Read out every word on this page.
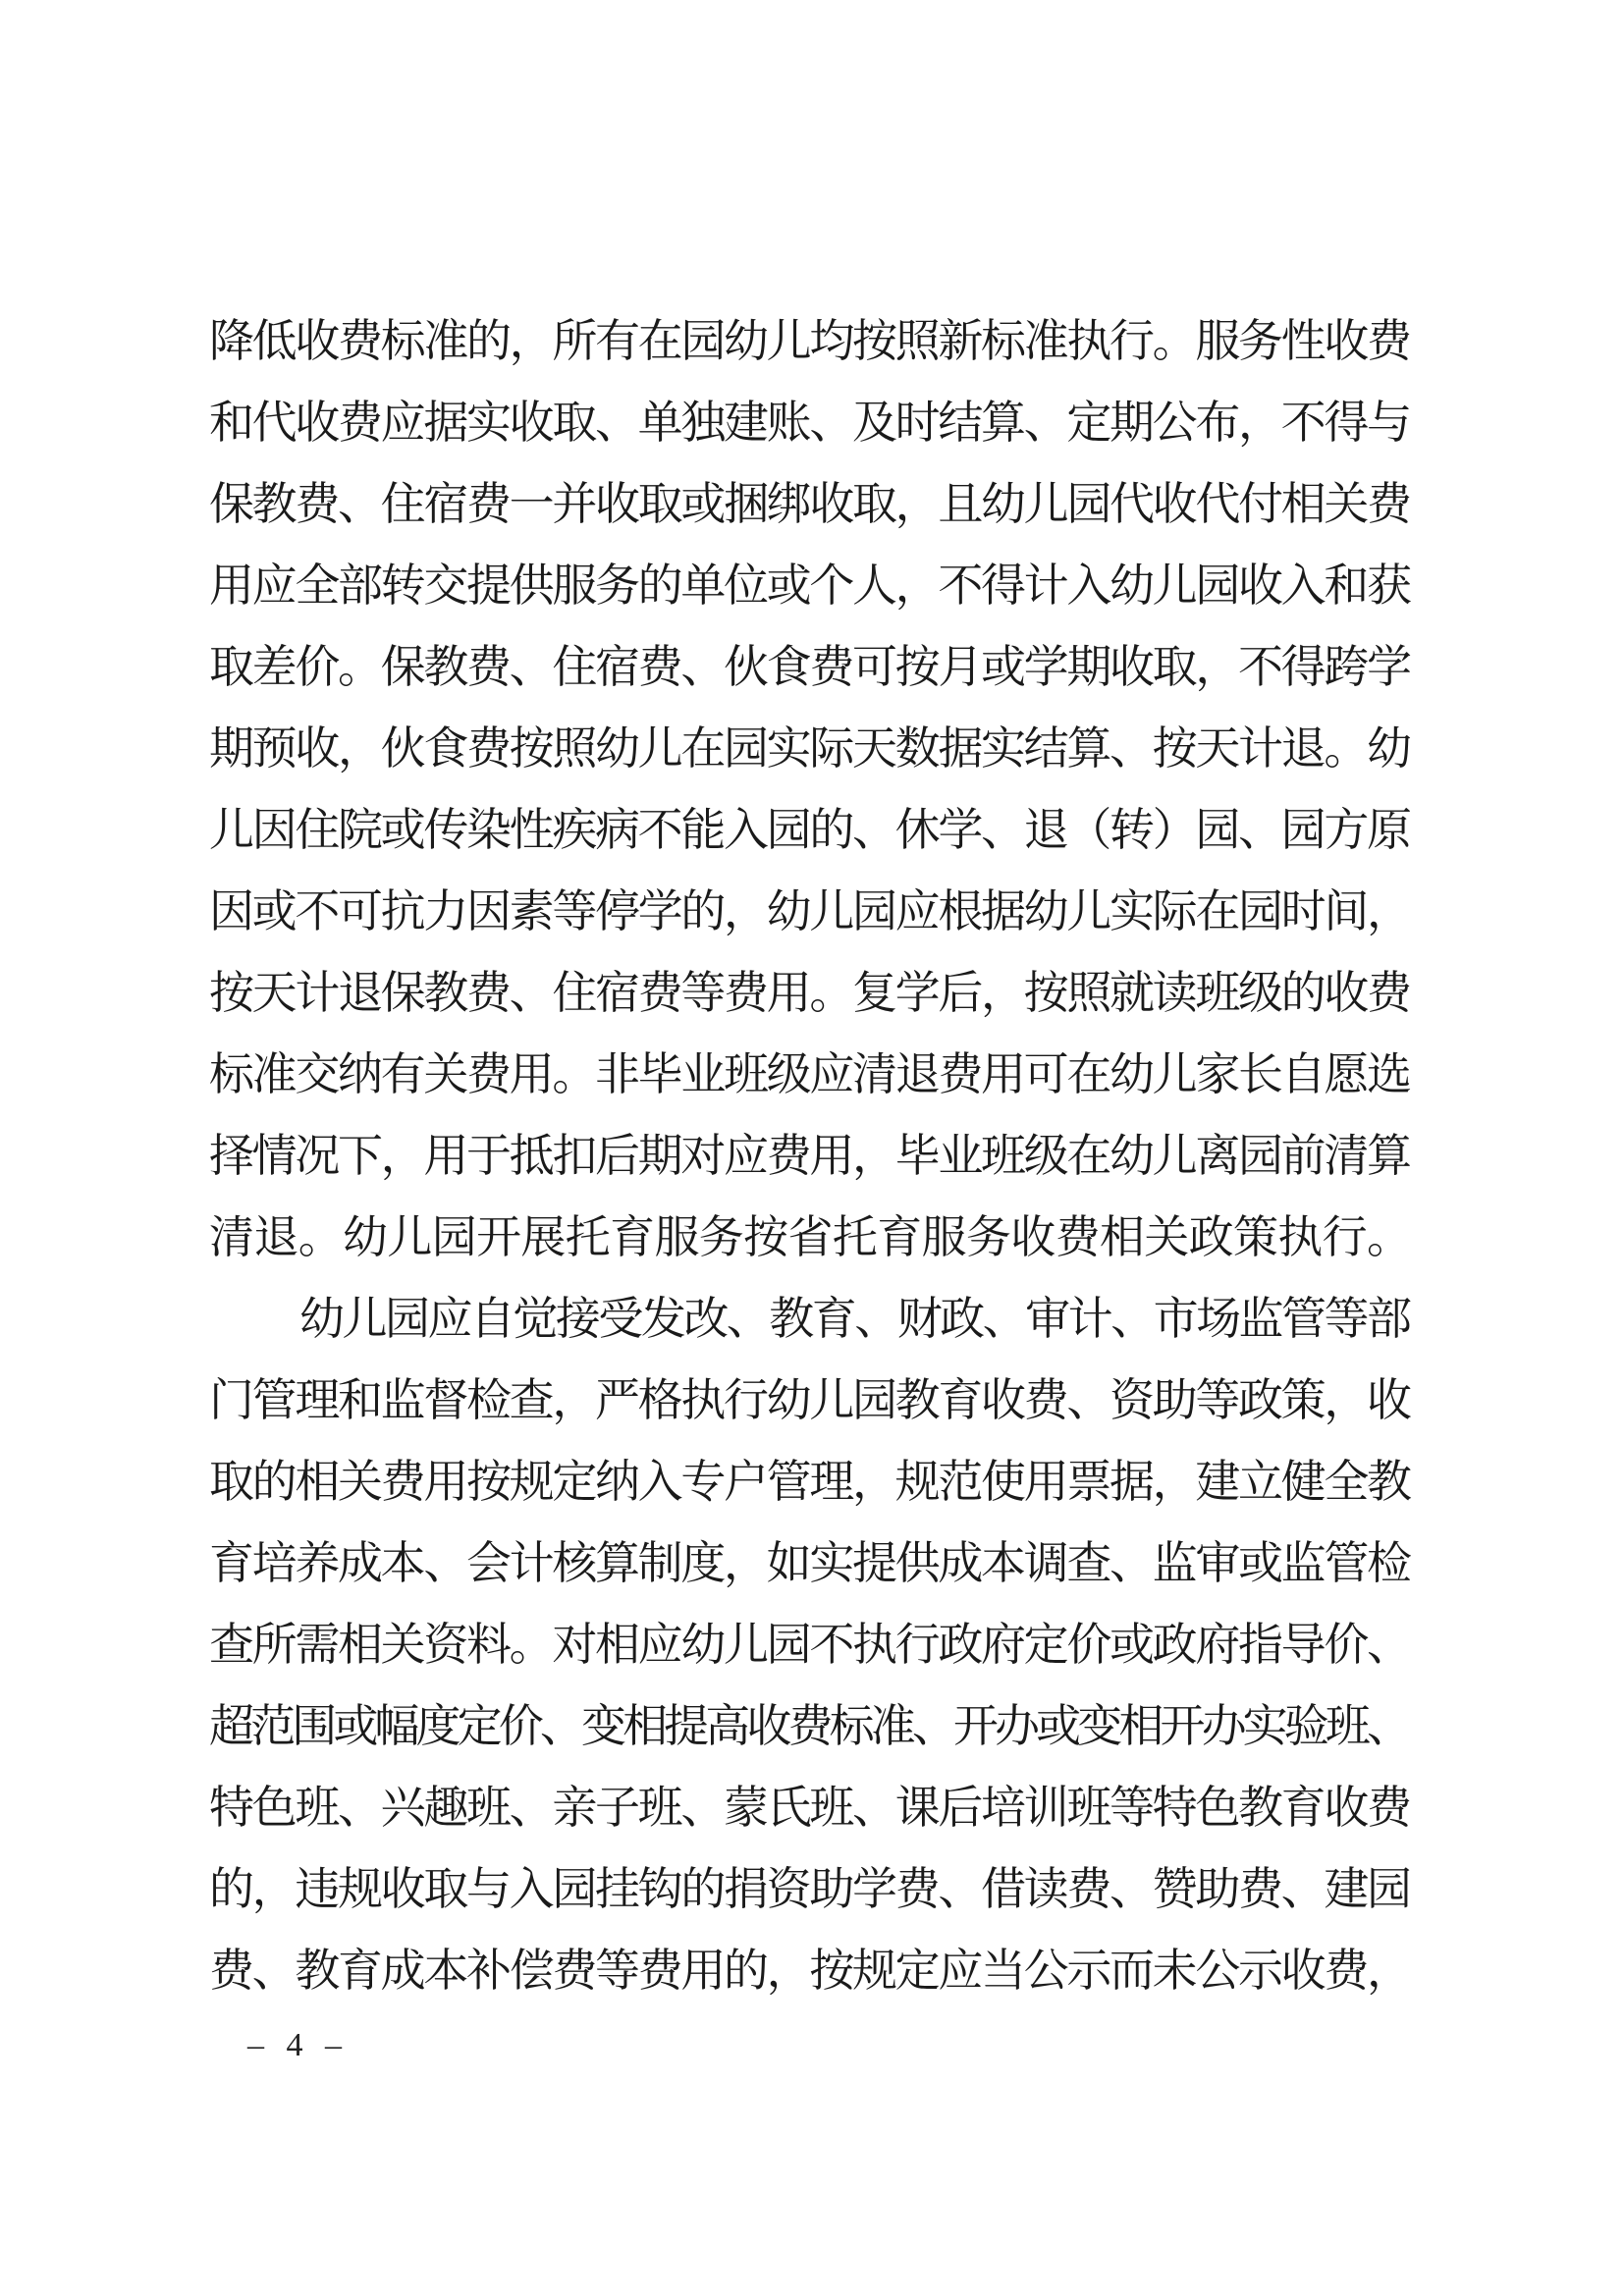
降低收费标准的，所有在园幼儿均按照新标准执行。服务性收费
和代收费应据实收取、单独建账、及时结算、定期公布，不得与
保教费、住宿费一并收取或捆绑收取，且幼儿园代收代付相关费
用应全部转交提供服务的单位或个人，不得计入幼儿园收入和获
取差价。保教费、住宿费、伙食费可按月或学期收取，不得跨学
期预收，伙食费按照幼儿在园实际天数据实结算、按天计退。幼
儿因住院或传染性疾病不能入园的、休学、退（转）园、园方原
因或不可抗力因素等停学的，幼儿园应根据幼儿实际在园时间，
按天计退保教费、住宿费等费用。复学后，按照就读班级的收费
标准交纳有关费用。非毕业班级应清退费用可在幼儿家长自愿选
择情况下，用于抵扣后期对应费用，毕业班级在幼儿离园前清算
清退。幼儿园开展托育服务按省托育服务收费相关政策执行。
幼儿园应自觉接受发改、教育、财政、审计、市场监管等部
门管理和监督检查，严格执行幼儿园教育收费、资助等政策，收
取的相关费用按规定纳入专户管理，规范使用票据，建立健全教
育培养成本、会计核算制度，如实提供成本调查、监审或监管检
查所需相关资料。对相应幼儿园不执行政府定价或政府指导价、
超范围或幅度定价、变相提高收费标准、开办或变相开办实验班、
特色班、兴趣班、亲子班、蒙氏班、课后培训班等特色教育收费
的，违规收取与入园挂钩的捐资助学费、借读费、赞助费、建园
费、教育成本补偿费等费用的，按规定应当公示而未公示收费，
– 4 –
